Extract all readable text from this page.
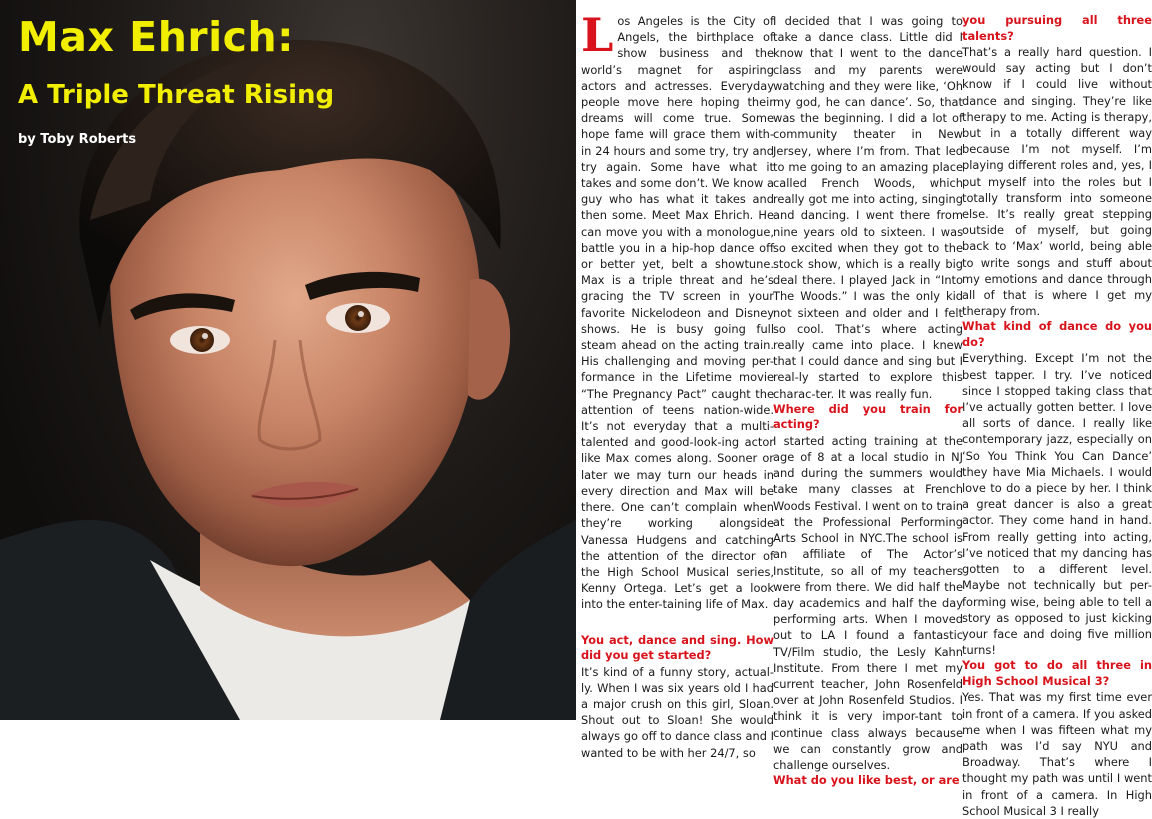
Max Ehrich:
A Triple Threat Rising

by Toby Roberts

Los Angeles is the City of Angels, the birthplace of show business and the world’s magnet for aspiring actors and actresses. Everyday people move here hoping their dreams will come true. Some hope fame will grace them with-in 24 hours and some try, try and try again. Some have what it takes and some don’t. We know a guy who has what it takes and then some. Meet Max Ehrich. He can move you with a monologue, battle you in a hip-hop dance off or better yet, belt a showtune. Max is a triple threat and he’s gracing the TV screen in your favorite Nickelodeon and Disney shows. He is busy going full steam ahead on the acting train. His challenging and moving per-formance in the Lifetime movie “The Pregnancy Pact” caught the attention of teens nation-wide. It’s not everyday that a multi-talented and good-look-ing actor like Max comes along. Sooner or later we may turn our heads in every direction and Max will be there. One can’t complain when they’re working alongside Vanessa Hudgens and catching the attention of the director of the High School Musical series, Kenny Ortega. Let’s get a look into the enter-taining life of Max.

You act, dance and sing. How did you get started?

It’s kind of a funny story, actual-ly. When I was six years old I had a major crush on this girl, Sloan. Shout out to Sloan! She would always go off to dance class and I wanted to be with her 24/7, so

I decided that I was going to take a dance class. Little did I know that I went to the dance class and my parents were watching and they were like, ‘Oh my god, he can dance’. So, that was the beginning. I did a lot of community theater in New Jersey, where I’m from. That led to me going to an amazing place called French Woods, which really got me into acting, singing and dancing. I went there from nine years old to sixteen. I was so excited when they got to the stock show, which is a really big deal there. I played Jack in “Into The Woods.” I was the only kid not sixteen and older and I felt so cool. That’s where acting really came into place. I knew that I could dance and sing but I real-ly started to explore this charac-ter. It was really fun.

Where did you train for acting?

I started acting training at the age of 8 at a local studio in NJ and during the summers would take many classes at French Woods Festival. I went on to train at the Professional Performing Arts School in NYC.The school is an affiliate of The Actor’s Institute, so all of my teachers were from there. We did half the day academics and half the day performing arts. When I moved out to LA I found a fantastic TV/Film studio, the Lesly Kahn Institute. From there I met my current teacher, John Rosenfeld over at John Rosenfeld Studios. I think it is very impor-tant to continue class always because we can constantly grow and challenge ourselves.

What do you like best, or are

you pursuing all three talents?

That’s a really hard question. I would say acting but I don’t know if I could live without dance and singing. They’re like therapy to me. Acting is therapy, but in a totally different way because I’m not myself. I’m playing different roles and, yes, I put myself into the roles but I totally transform into someone else. It’s really great stepping outside of myself, but going back to ‘Max’ world, being able to write songs and stuff about my emotions and dance through all of that is where I get my therapy from.

What kind of dance do you do?

Everything. Except I’m not the best tapper. I try. I’ve noticed since I stopped taking class that I’ve actually gotten better. I love all sorts of dance. I really like contemporary jazz, especially on ‘So You Think You Can Dance’ they have Mia Michaels. I would love to do a piece by her. I think a great dancer is also a great actor. They come hand in hand. From really getting into acting, I’ve noticed that my dancing has gotten to a different level. Maybe not technically but per-forming wise, being able to tell a story as opposed to just kicking your face and doing five million turns!

You got to do all three in High School Musical 3?

Yes. That was my first time ever in front of a camera. If you asked me when I was fifteen what my path was I’d say NYU and Broadway. That’s where I thought my path was until I went in front of a camera. In High School Musical 3 I really
